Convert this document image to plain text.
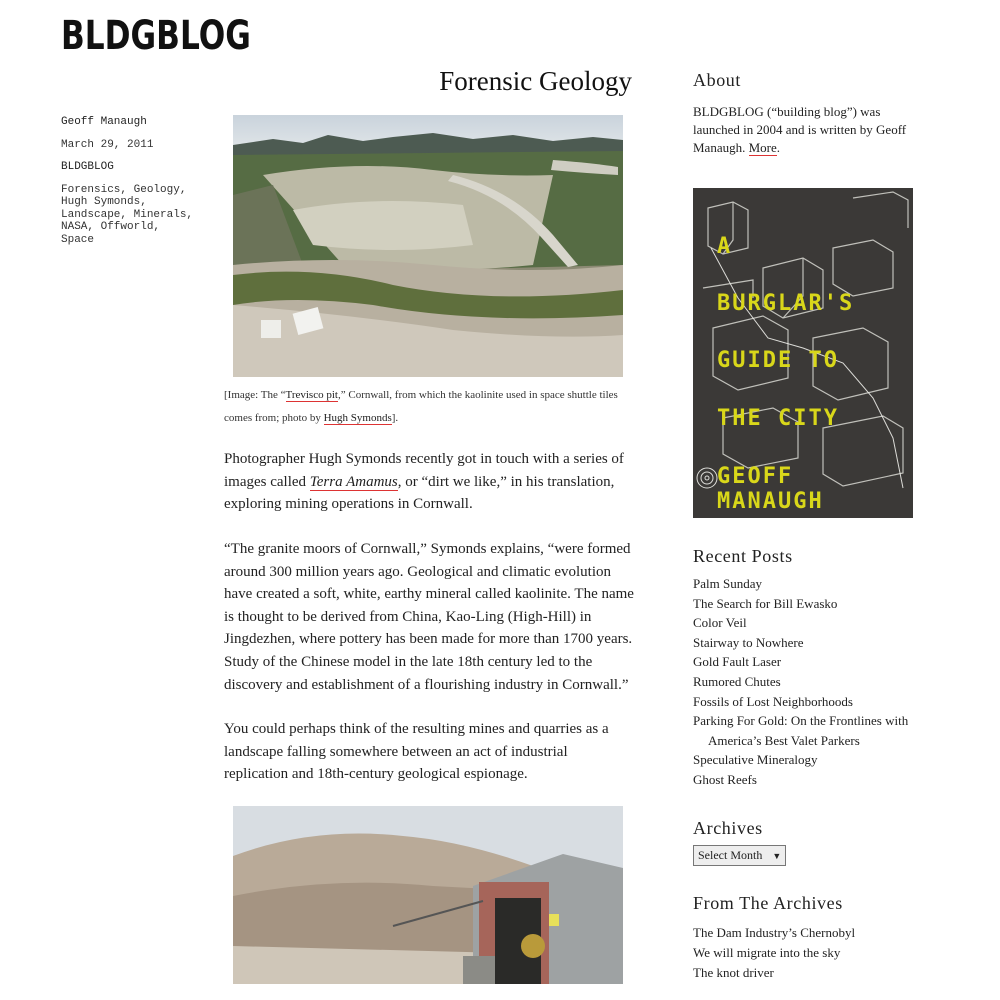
BLDGBLOG
Geoff Manaugh
March 29, 2011
BLDGBLOG
Forensics, Geology,
Hugh Symonds,
Landscape, Minerals,
NASA, Offworld,
Space
Forensic Geology
[Image: The “Trevisco pit,” Cornwall, from which the kaolinite used in space shuttle tiles comes from; photo by Hugh Symonds].

Photographer Hugh Symonds recently got in touch with a series of images called Terra Amamus, or “dirt we like,” in his translation, exploring mining operations in Cornwall.

“The granite moors of Cornwall,” Symonds explains, “were formed around 300 million years ago. Geological and climatic evolution have created a soft, white, earthy mineral called kaolinite. The name is thought to be derived from China, Kao-Ling (High-Hill) in Jingdezhen, where pottery has been made for more than 1700 years. Study of the Chinese model in the late 18th century led to the discovery and establishment of a flourishing industry in Cornwall.”

You could perhaps think of the resulting mines and quarries as a landscape falling somewhere between an act of industrial replication and 18th-century geological espionage.

About
BLDGBLOG (“building blog”) was launched in 2004 and is written by Geoff Manaugh. More.
A
BURGLAR'S
GUIDE TO
THE CITY
GEOFF MANAUGH
Recent Posts
Palm Sunday
The Search for Bill Ewasko
Color Veil
Stairway to Nowhere
Gold Fault Laser
Rumored Chutes
Fossils of Lost Neighborhoods
Parking For Gold: On the Frontlines with America’s Best Valet Parkers
Speculative Mineralogy
Ghost Reefs
Archives
Select Month ▼
From The Archives
The Dam Industry’s Chernobyl
We will migrate into the sky
The knot driver
